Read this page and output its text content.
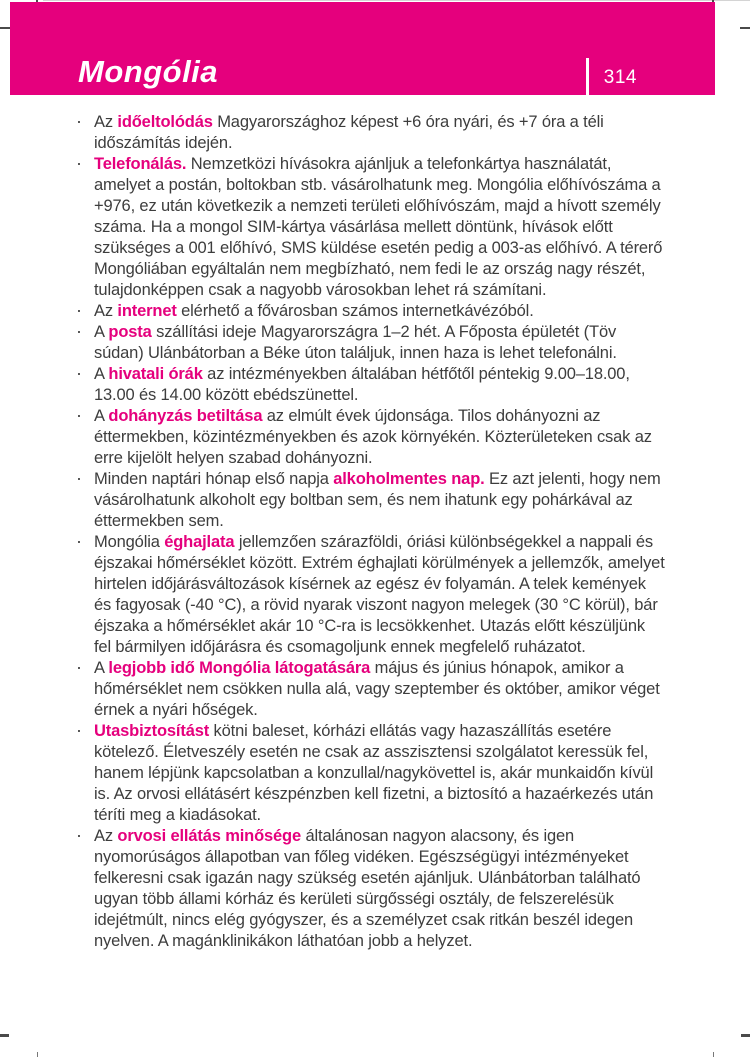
Mongólia	314
· Az időeltolódás Magyarországhoz képest +6 óra nyári, és +7 óra a téli időszámítás idején.
· Telefonálás. Nemzetközi hívásokra ajánljuk a telefonkártya használatát, amelyet a postán, boltokban stb. vásárolhatunk meg. Mongólia előhívószáma a +976, ez után következik a nemzeti területi előhívószám, majd a hívott személy száma. Ha a mongol SIM-kártya vásárlása mellett döntünk, hívások előtt szükséges a 001 előhívó, SMS küldése esetén pedig a 003-as előhívó. A térerő Mongóliában egyáltalán nem megbízható, nem fedi le az ország nagy részét, tulajdonképpen csak a nagyobb városokban lehet rá számítani.
· Az internet elérhető a fővárosban számos internetkávézóból.
· A posta szállítási ideje Magyarországra 1–2 hét. A Főposta épületét (Töv súdan) Ulánbátorban a Béke úton találjuk, innen haza is lehet telefonálni.
· A hivatali órák az intézményekben általában hétfőtől péntekig 9.00–18.00, 13.00 és 14.00 között ebédszünettel.
· A dohányzás betiltása az elmúlt évek újdonsága. Tilos dohányozni az éttermekben, közintézményekben és azok környékén. Közterületeken csak az erre kijelölt helyen szabad dohányozni.
· Minden naptári hónap első napja alkoholmentes nap. Ez azt jelenti, hogy nem vásárolhatunk alkoholt egy boltban sem, és nem ihatunk egy pohárkával az éttermekben sem.
· Mongólia éghajlata jellemzően szárazföldi, óriási különbségekkel a nappali és éjszakai hőmérséklet között. Extrém éghajlati körülmények a jellemzők, amelyet hirtelen időjárásváltozások kísérnek az egész év folyamán. A telek kemények és fagyosak (-40 °C), a rövid nyarak viszont nagyon melegek (30 °C körül), bár éjszaka a hőmérséklet akár 10 °C-ra is lecsökkenhet. Utazás előtt készüljünk fel bármilyen időjárásra és csomagoljunk ennek megfelelő ruházatot.
· A legjobb idő Mongólia látogatására május és június hónapok, amikor a hőmérséklet nem csökken nulla alá, vagy szeptember és október, amikor véget érnek a nyári hőségek.
· Utasbiztosítást kötni baleset, kórházi ellátás vagy hazaszállítás esetére kötelező. Életveszély esetén ne csak az asszisztensi szolgálatot keressük fel, hanem lépjünk kapcsolatban a konzullal/nagykövettel is, akár munkaidőn kívül is. Az orvosi ellátásért készpénzben kell fizetni, a biztosító a hazaérkezés után téríti meg a kiadásokat.
· Az orvosi ellátás minősége általánosan nagyon alacsony, és igen nyomorúságos állapotban van főleg vidéken. Egészségügyi intézményeket felkeresni csak igazán nagy szükség esetén ajánljuk. Ulánbátorban található ugyan több állami kórház és kerületi sürgősségi osztály, de felszerelésük idejétmúlt, nincs elég gyógyszer, és a személyzet csak ritkán beszél idegen nyelven. A magánklinikákon láthatóan jobb a helyzet.
